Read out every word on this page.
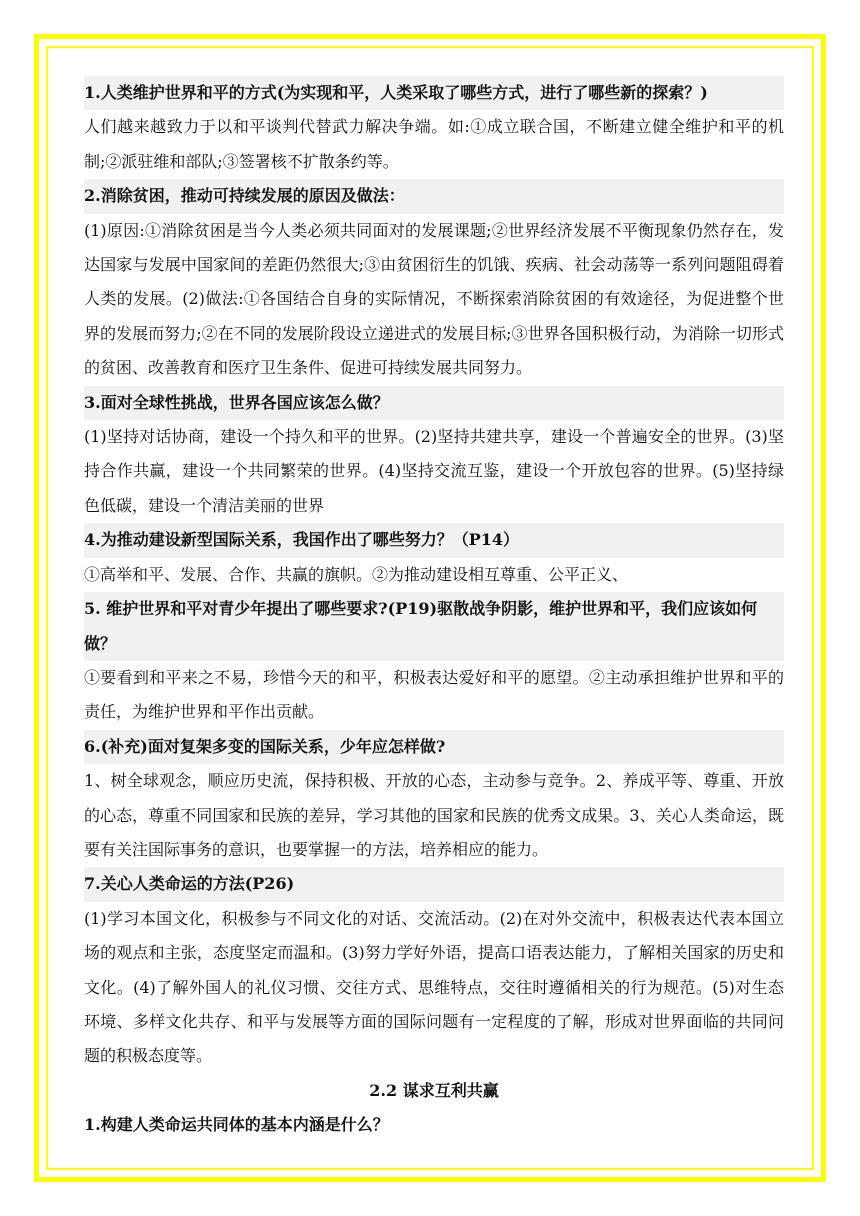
1.人类维护世界和平的方式(为实现和平，人类采取了哪些方式，进行了哪些新的探索？)

人们越来越致力于以和平谈判代替武力解决争端。如:①成立联合国，不断建立健全维护和平的机制;②派驻维和部队;③签署核不扩散条约等。

2.消除贫困，推动可持续发展的原因及做法：

(1)原因:①消除贫困是当今人类必须共同面对的发展课题;②世界经济发展不平衡现象仍然存在，发达国家与发展中国家间的差距仍然很大;③由贫困衍生的饥饿、疾病、社会动荡等一系列问题阻碍着人类的发展。(2)做法:①各国结合自身的实际情况，不断探索消除贫困的有效途径，为促进整个世界的发展而努力;②在不同的发展阶段设立递进式的发展目标;③世界各国积极行动，为消除一切形式的贫困、改善教育和医疗卫生条件、促进可持续发展共同努力。

3.面对全球性挑战，世界各国应该怎么做？

(1)坚持对话协商，建设一个持久和平的世界。(2)坚持共建共享，建设一个普遍安全的世界。(3)坚持合作共赢，建设一个共同繁荣的世界。(4)坚持交流互鉴，建设一个开放包容的世界。(5)坚持绿色低碳，建设一个清洁美丽的世界

4.为推动建设新型国际关系，我国作出了哪些努力？（P14）

①高举和平、发展、合作、共赢的旗帜。②为推动建设相互尊重、公平正义、

5. 维护世界和平对青少年提出了哪些要求?(P19)驱散战争阴影，维护世界和平，我们应该如何做？

①要看到和平来之不易，珍惜今天的和平，积极表达爱好和平的愿望。②主动承担维护世界和平的责任，为维护世界和平作出贡献。

6.(补充)面对复架多变的国际关系，少年应怎样做?

1、树全球观念，顺应历史流，保持积极、开放的心态，主动参与竞争。2、养成平等、尊重、开放的心态，尊重不同国家和民族的差异，学习其他的国家和民族的优秀文成果。3、关心人类命运，既要有关注国际事务的意识，也要掌握一的方法，培养相应的能力。

7.关心人类命运的方法(P26)

(1)学习本国文化，积极参与不同文化的对话、交流活动。(2)在对外交流中，积极表达代表本国立场的观点和主张，态度坚定而温和。(3)努力学好外语，提高口语表达能力，了解相关国家的历史和文化。(4)了解外国人的礼仪习惯、交往方式、思维特点，交往时遵循相关的行为规范。(5)对生态环境、多样文化共存、和平与发展等方面的国际问题有一定程度的了解，形成对世界面临的共同问题的积极态度等。

2.2 谋求互利共赢

1.构建人类命运共同体的基本内涵是什么？
